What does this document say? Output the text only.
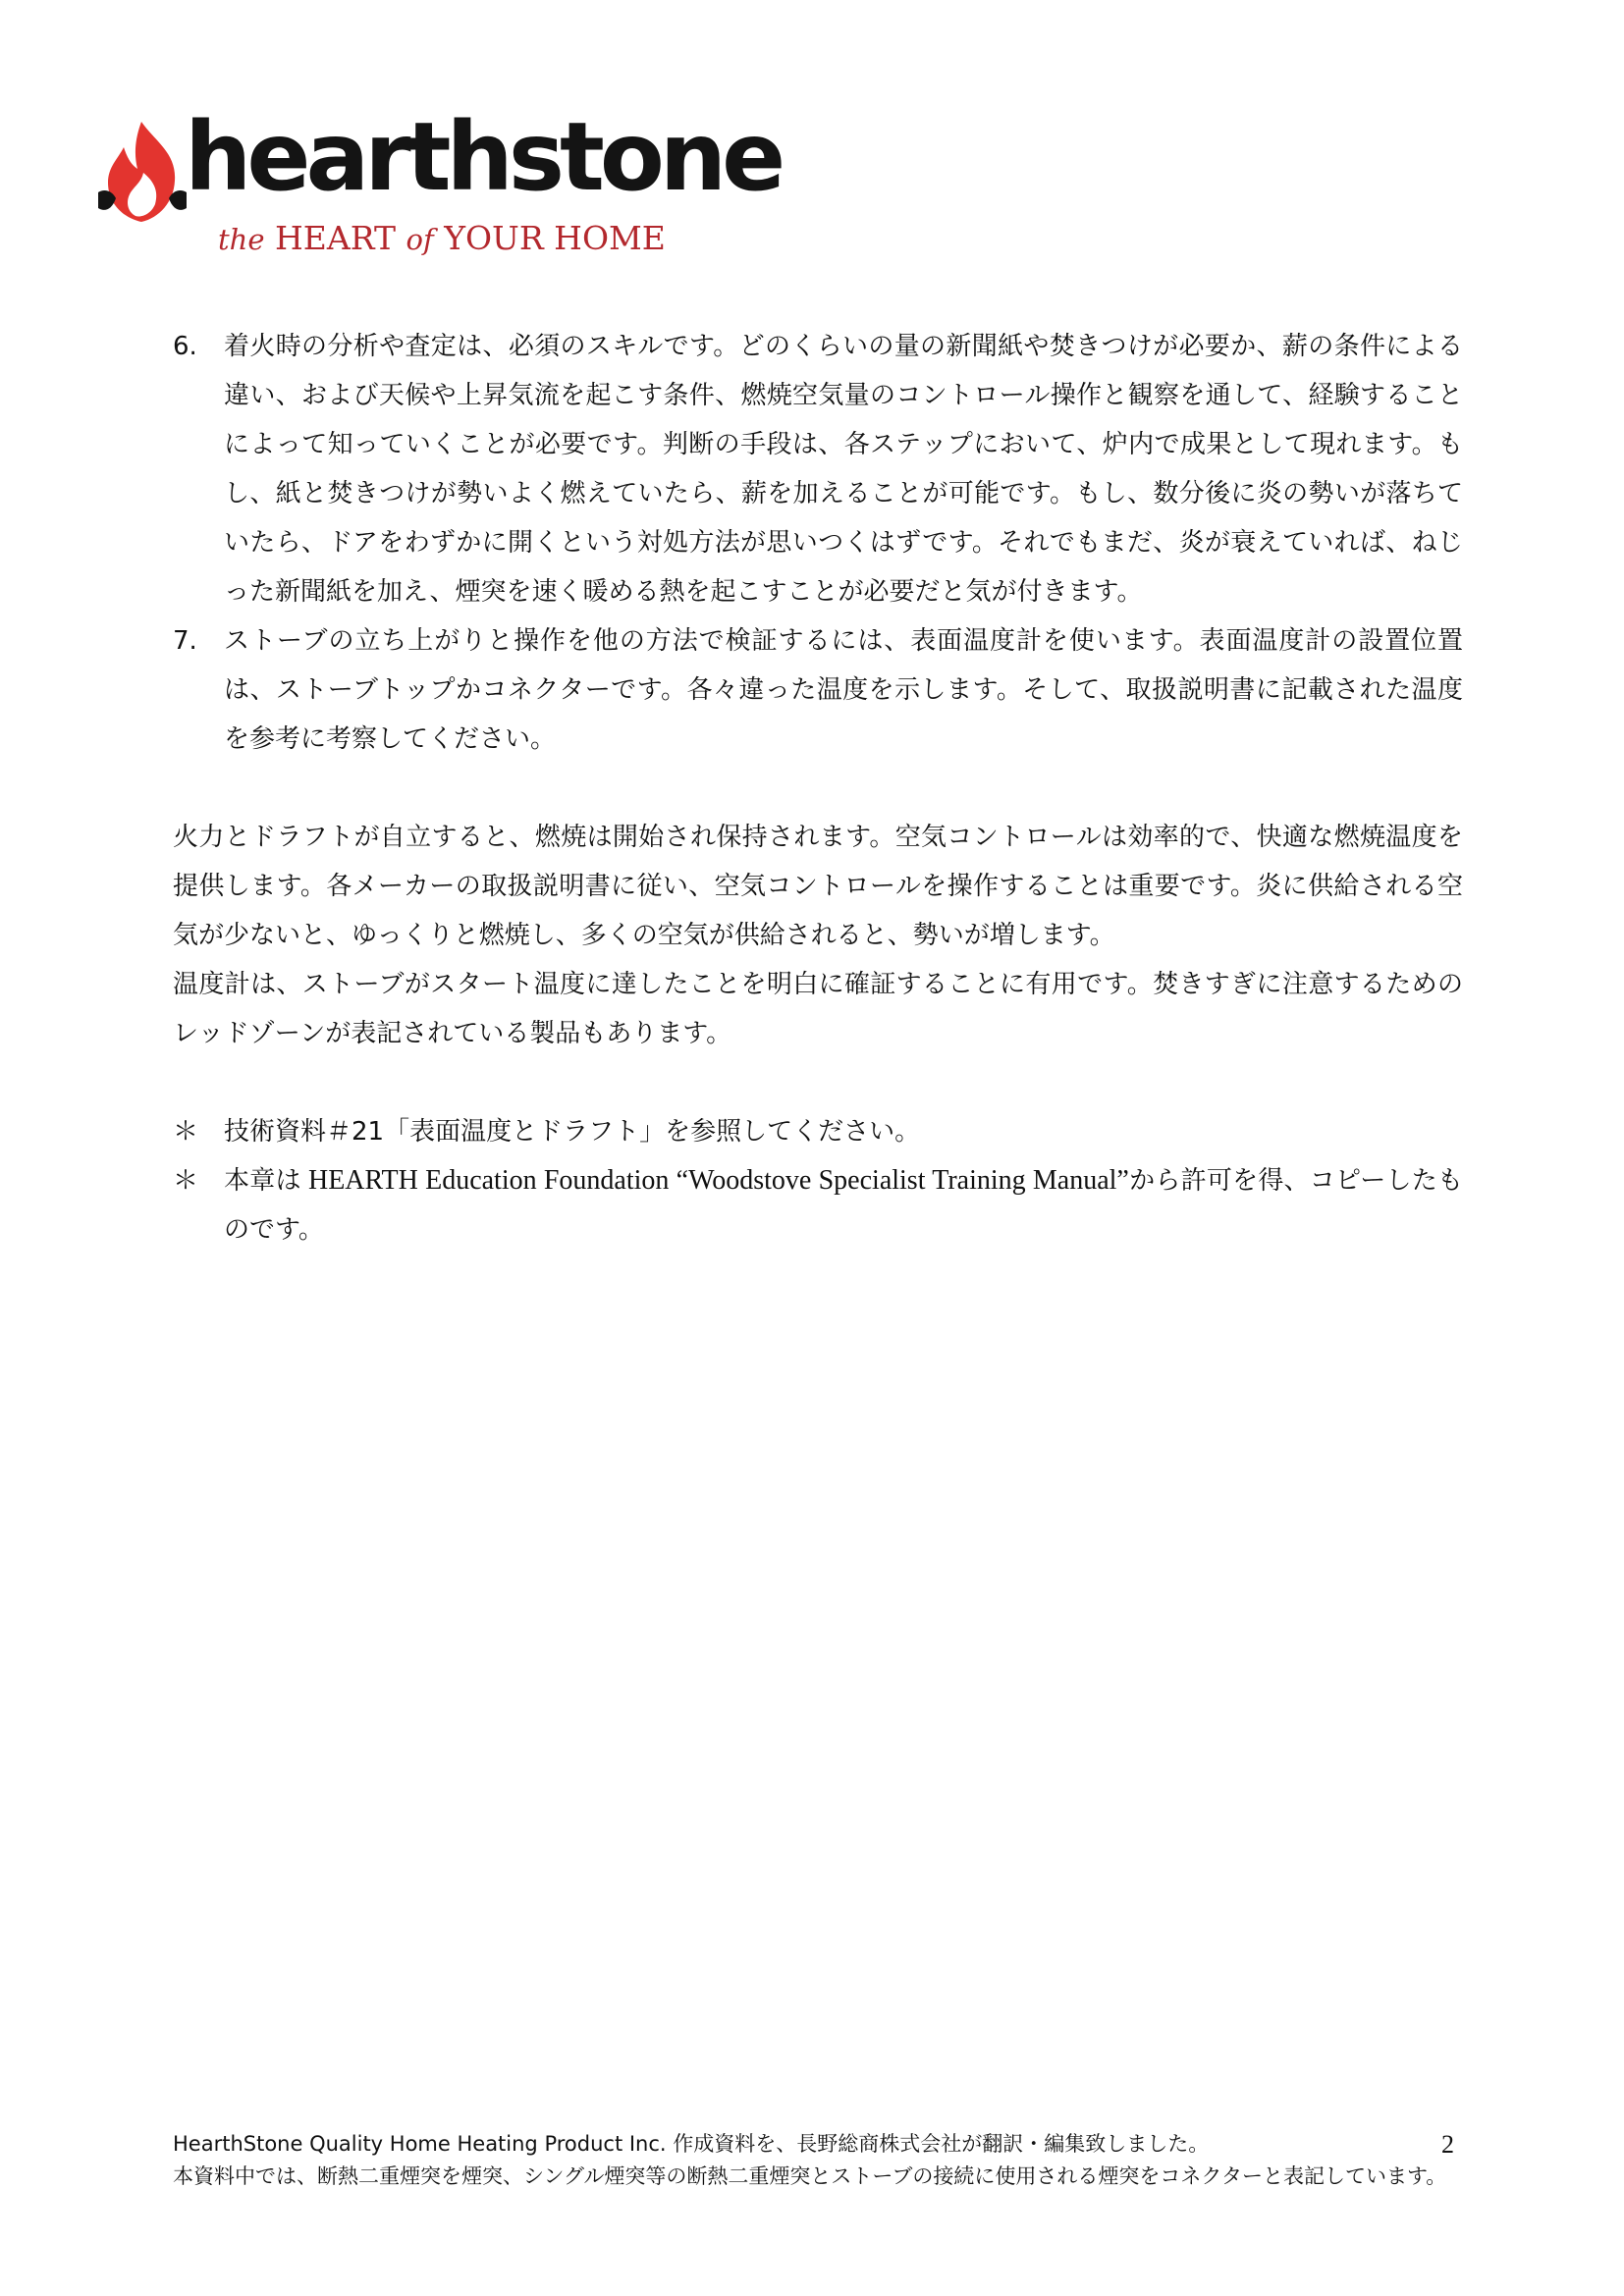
hearthstone
the HEART of YOUR HOME
6.	着火時の分析や査定は、必須のスキルです。どのくらいの量の新聞紙や焚きつけが必要か、薪の条件による違い、および天候や上昇気流を起こす条件、燃焼空気量のコントロール操作と観察を通して、経験することによって知っていくことが必要です。判断の手段は、各ステップにおいて、炉内で成果として現れます。もし、紙と焚きつけが勢いよく燃えていたら、薪を加えることが可能です。もし、数分後に炎の勢いが落ちていたら、ドアをわずかに開くという対処方法が思いつくはずです。それでもまだ、炎が衰えていれば、ねじった新聞紙を加え、煙突を速く暖める熱を起こすことが必要だと気が付きます。
7.	ストーブの立ち上がりと操作を他の方法で検証するには、表面温度計を使います。表面温度計の設置位置は、ストーブトップかコネクターです。各々違った温度を示します。そして、取扱説明書に記載された温度を参考に考察してください。

火力とドラフトが自立すると、燃焼は開始され保持されます。空気コントロールは効率的で、快適な燃焼温度を提供します。各メーカーの取扱説明書に従い、空気コントロールを操作することは重要です。炎に供給される空気が少ないと、ゆっくりと燃焼し、多くの空気が供給されると、勢いが増します。

温度計は、ストーブがスタート温度に達したことを明白に確証することに有用です。焚きすぎに注意するためのレッドゾーンが表記されている製品もあります。

＊ 技術資料＃21「表面温度とドラフト」を参照してください。
＊ 本章は HEARTH Education Foundation “Woodstove Specialist Training Manual”から許可を得、コピーしたものです。

HearthStone Quality Home Heating Product Inc. 作成資料を、長野総商株式会社が翻訳・編集致しました。

本資料中では、断熱二重煙突を煙突、シングル煙突等の断熱二重煙突とストーブの接続に使用される煙突をコネクターと表記しています。

2
